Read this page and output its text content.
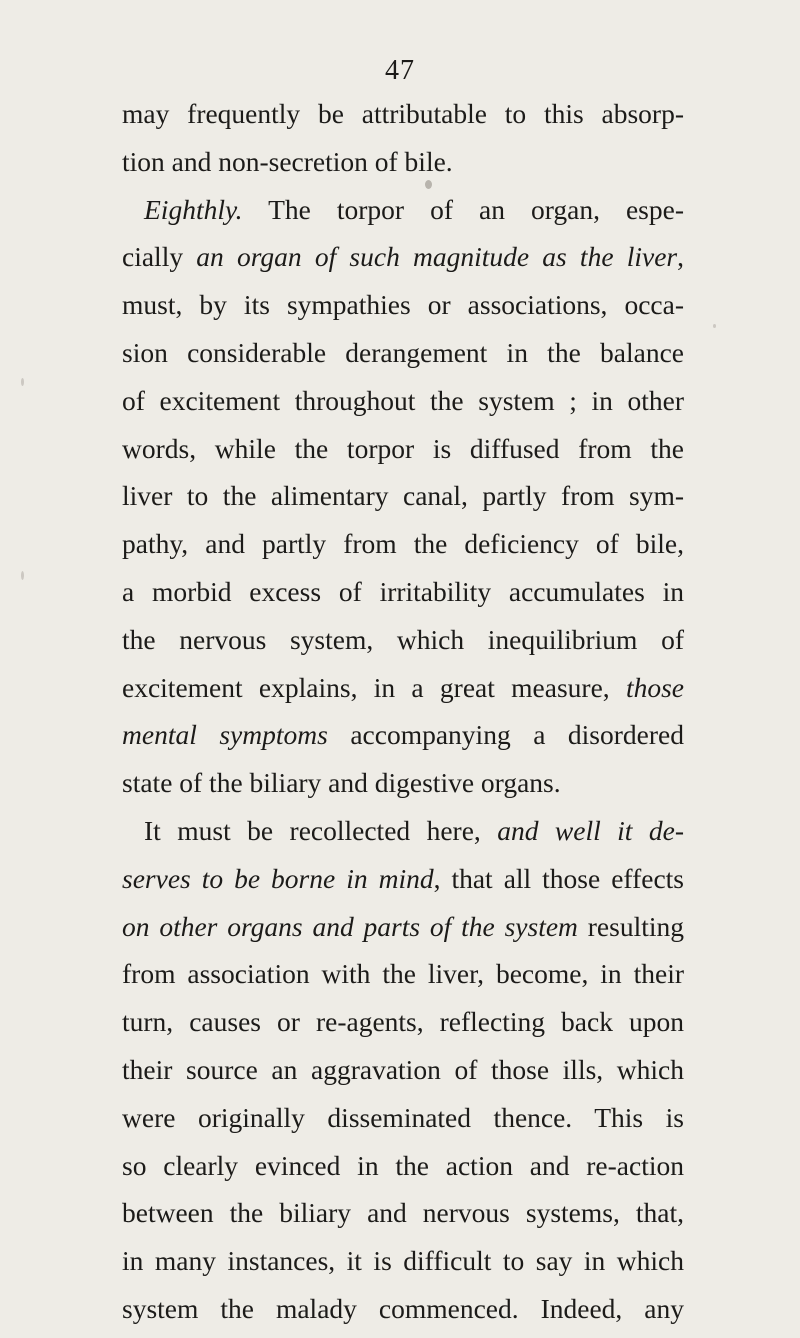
47
may frequently be attributable to this absorp-
tion and non-secretion of bile.
Eighthly. The torpor of an organ, espe-
cially an organ of such magnitude as the liver,
must, by its sympathies or associations, occa-
sion considerable derangement in the balance
of excitement throughout the system ; in other
words, while the torpor is diffused from the
liver to the alimentary canal, partly from sym-
pathy, and partly from the deficiency of bile,
a morbid excess of irritability accumulates in
the nervous system, which inequilibrium of
excitement explains, in a great measure, those
mental symptoms accompanying a disordered
state of the biliary and digestive organs.
It must be recollected here, and well it de-
serves to be borne in mind, that all those effects
on other organs and parts of the system resulting
from association with the liver, become, in their
turn, causes or re-agents, reflecting back upon
their source an aggravation of those ills, which
were originally disseminated thence. This is
so clearly evinced in the action and re-action
between the biliary and nervous systems, that,
in many instances, it is difficult to say in which
system the malady commenced. Indeed, any
